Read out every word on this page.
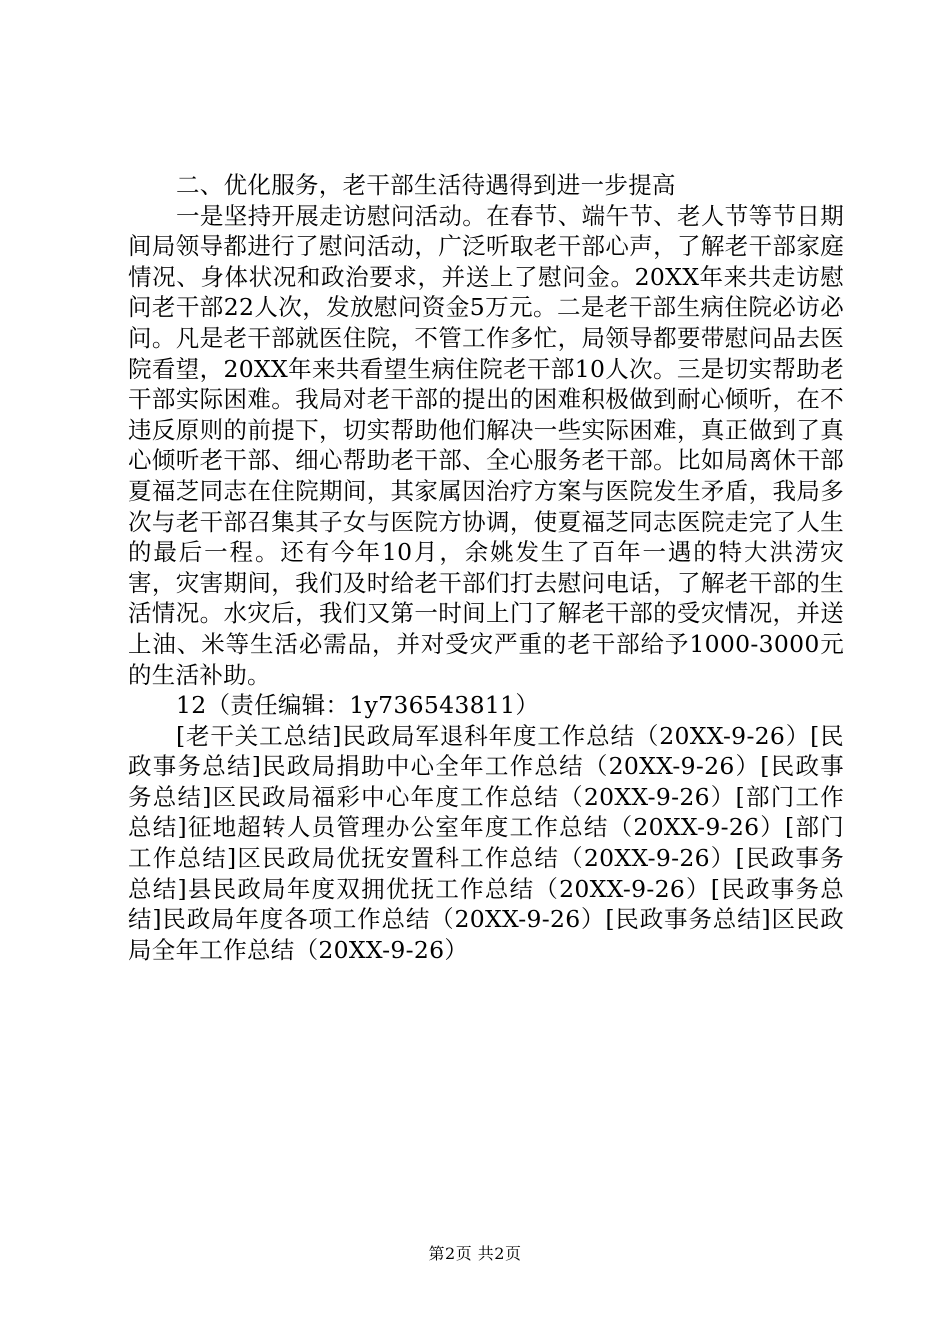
二、优化服务，老干部生活待遇得到进一步提高

一是坚持开展走访慰问活动。在春节、端午节、老人节等节日期间局领导都进行了慰问活动，广泛听取老干部心声，了解老干部家庭情况、身体状况和政治要求，并送上了慰问金。20XX年来共走访慰问老干部22人次，发放慰问资金5万元。二是老干部生病住院必访必问。凡是老干部就医住院，不管工作多忙，局领导都要带慰问品去医院看望，20XX年来共看望生病住院老干部10人次。三是切实帮助老干部实际困难。我局对老干部的提出的困难积极做到耐心倾听，在不违反原则的前提下，切实帮助他们解决一些实际困难，真正做到了真心倾听老干部、细心帮助老干部、全心服务老干部。比如局离休干部夏福芝同志在住院期间，其家属因治疗方案与医院发生矛盾，我局多次与老干部召集其子女与医院方协调，使夏福芝同志医院走完了人生的最后一程。还有今年10月，余姚发生了百年一遇的特大洪涝灾害，灾害期间，我们及时给老干部们打去慰问电话，了解老干部的生活情况。水灾后，我们又第一时间上门了解老干部的受灾情况，并送上油、米等生活必需品，并对受灾严重的老干部给予1000-3000元的生活补助。

12（责任编辑：1y736543811）

[老干关工总结]民政局军退科年度工作总结（20XX-9-26）[民政事务总结]民政局捐助中心全年工作总结（20XX-9-26）[民政事务总结]区民政局福彩中心年度工作总结（20XX-9-26）[部门工作总结]征地超转人员管理办公室年度工作总结（20XX-9-26）[部门工作总结]区民政局优抚安置科工作总结（20XX-9-26）[民政事务总结]县民政局年度双拥优抚工作总结（20XX-9-26）[民政事务总结]民政局年度各项工作总结（20XX-9-26）[民政事务总结]区民政局全年工作总结（20XX-9-26）

第2页 共2页
